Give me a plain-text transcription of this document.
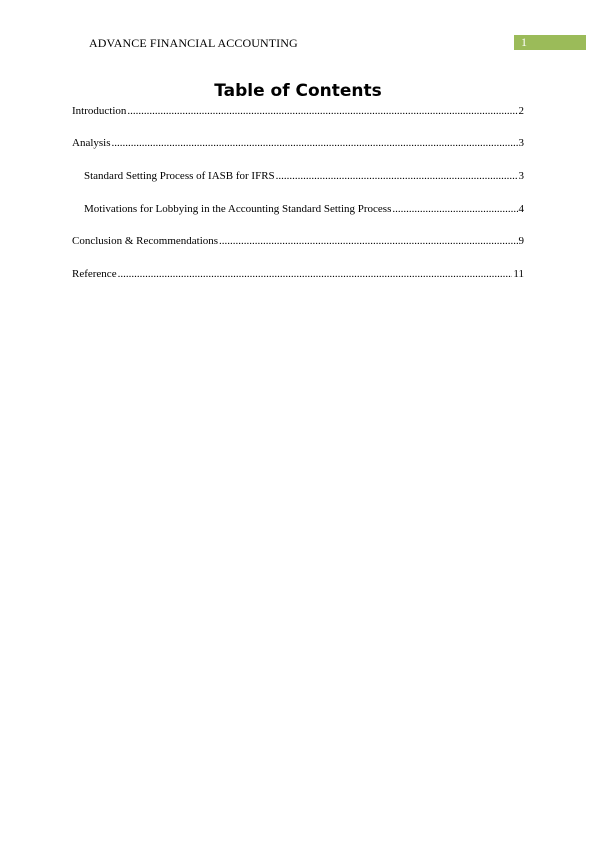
ADVANCE FINANCIAL ACCOUNTING	1
Table of Contents
Introduction .....	2
Analysis .....	3
Standard Setting Process of IASB for IFRS .....	3
Motivations for Lobbying in the Accounting Standard Setting Process .....	4
Conclusion & Recommendations .....	9
Reference .....	11
